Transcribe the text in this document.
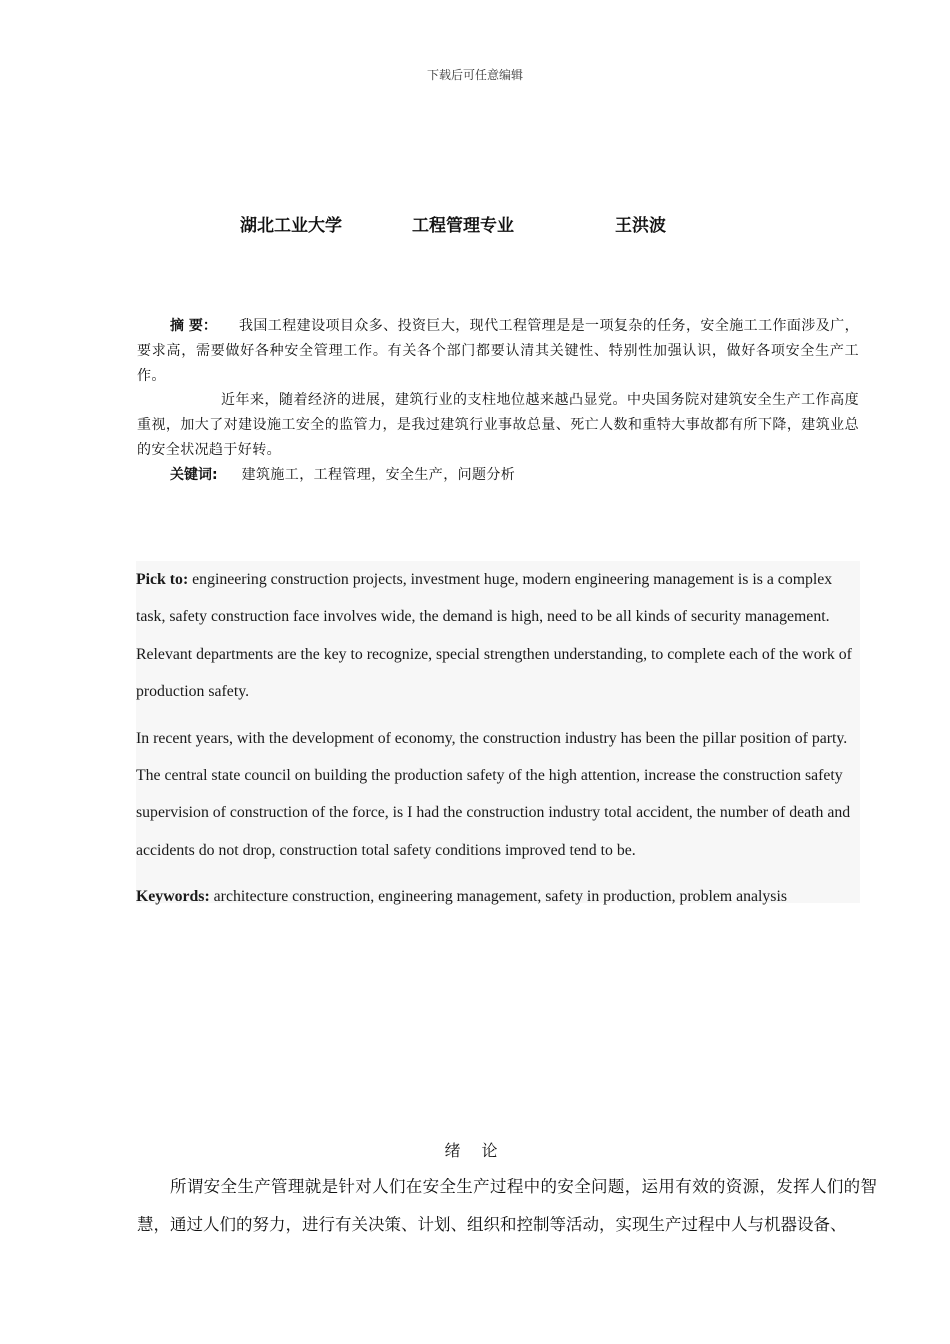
下载后可任意编辑
湖北工业大学	工程管理专业	王洪波

摘 要： 我国工程建设项目众多、投资巨大，现代工程管理是是一项复杂的任务，安全施工工作面涉及广，要求高，需要做好各种安全管理工作。有关各个部门都要认清其关键性、特别性加强认识，做好各项安全生产工作。

近年来，随着经济的进展，建筑行业的支柱地位越来越凸显党。中央国务院对建筑安全生产工作高度重视，加大了对建设施工安全的监管力，是我过建筑行业事故总量、死亡人数和重特大事故都有所下降，建筑业总的安全状况趋于好转。

关键词: 建筑施工，工程管理，安全生产，问题分析

Pick to: engineering construction projects, investment huge, modern engineering management is is a complex task, safety construction face involves wide, the demand is high, need to be all kinds of security management. Relevant departments are the key to recognize, special strengthen understanding, to complete each of the work of production safety.

In recent years, with the development of economy, the construction industry has been the pillar position of party. The central state council on building the production safety of the high attention, increase the construction safety supervision of construction of the force, is I had the construction industry total accident, the number of death and accidents do not drop, construction total safety conditions improved tend to be.

Keywords: architecture construction, engineering management, safety in production, problem analysis

绪 论

所谓安全生产管理就是针对人们在安全生产过程中的安全问题，运用有效的资源，发挥人们的智慧，通过人们的努力，进行有关决策、计划、组织和控制等活动，实现生产过程中人与机器设备、
